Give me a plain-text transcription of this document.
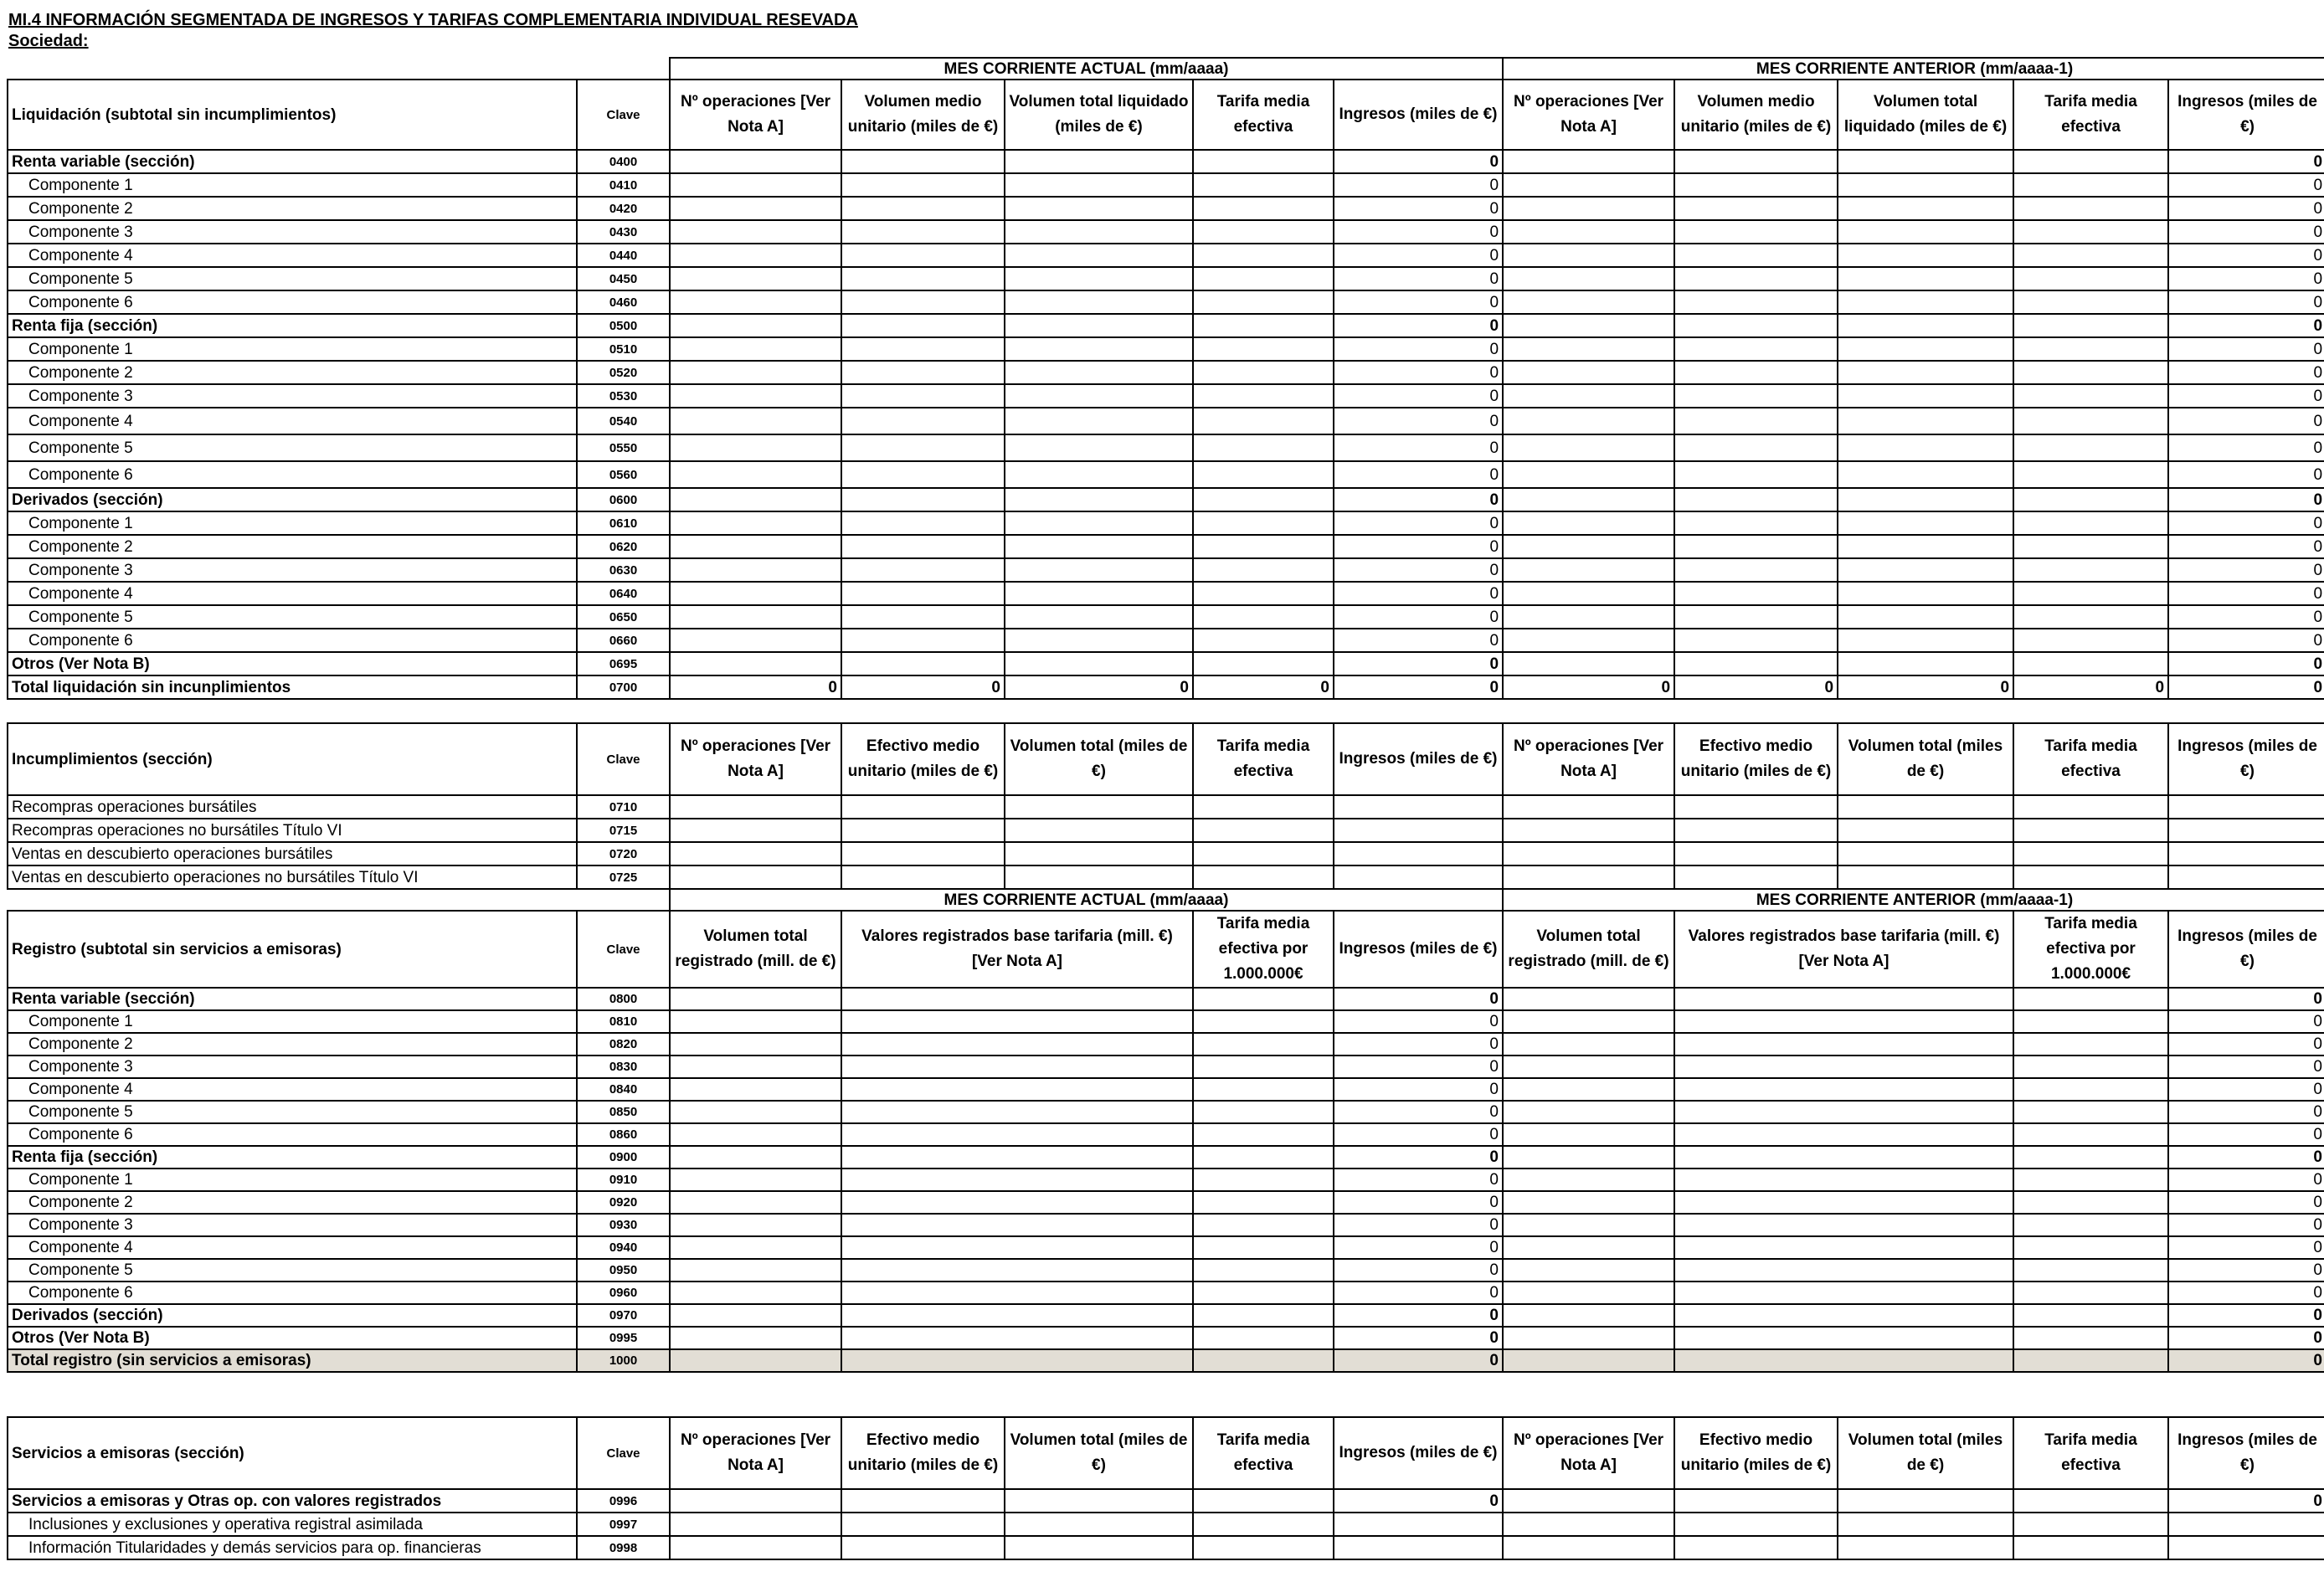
MI.4 INFORMACIÓN SEGMENTADA DE INGRESOS Y TARIFAS COMPLEMENTARIA INDIVIDUAL RESEVADA
Sociedad:
		MES CORRIENTE ACTUAL (mm/aaaa)					MES CORRIENTE ANTERIOR (mm/aaaa-1)				
Liquidación (subtotal sin incumplimientos)	Clave	Nº operaciones [Ver Nota A]	Volumen medio unitario (miles de €)	Volumen total liquidado (miles de €)	Tarifa media efectiva	Ingresos (miles de €)	Nº operaciones [Ver Nota A]	Volumen medio unitario (miles de €)	Volumen total liquidado (miles de €)	Tarifa media efectiva	Ingresos (miles de €)
Renta variable (sección)	0400					0					0
Componente 1	0410					0					0
Componente 2	0420					0					0
Componente 3	0430					0					0
Componente 4	0440					0					0
Componente 5	0450					0					0
Componente 6	0460					0					0
Renta fija (sección)	0500					0					0
Componente 1	0510					0					0
Componente 2	0520					0					0
Componente 3	0530					0					0
Componente 4	0540					0					0
Componente 5	0550					0					0
Componente 6	0560					0					0
Derivados (sección)	0600					0					0
Componente 1	0610					0					0
Componente 2	0620					0					0
Componente 3	0630					0					0
Componente 4	0640					0					0
Componente 5	0650					0					0
Componente 6	0660					0					0
Otros (Ver Nota B)	0695					0					0
Total liquidación sin incunplimientos	0700	0	0	0	0	0	0	0	0	0	0
Incumplimientos (sección)	Clave	Nº operaciones [Ver Nota A]	Efectivo medio unitario (miles de €)	Volumen total (miles de €)	Tarifa media efectiva	Ingresos (miles de €)	Nº operaciones [Ver Nota A]	Efectivo medio unitario (miles de €)	Volumen total (miles de €)	Tarifa media efectiva	Ingresos (miles de €)
Recompras operaciones bursátiles	0710										
Recompras operaciones no bursátiles Título VI	0715										
Ventas en descubierto operaciones bursátiles	0720										
Ventas en descubierto operaciones no bursátiles Título VI	0725										
		MES CORRIENTE ACTUAL (mm/aaaa)					MES CORRIENTE ANTERIOR (mm/aaaa-1)				
Registro (subtotal sin servicios a emisoras)	Clave	Volumen total registrado (mill. de €)	Valores registrados base tarifaria (mill. €) [Ver Nota A]		Tarifa media efectiva por 1.000.000€	Ingresos (miles de €)	Volumen total registrado (mill. de €)	Valores registrados base tarifaria (mill. €) [Ver Nota A]		Tarifa media efectiva por 1.000.000€	Ingresos (miles de €)
Renta variable (sección)	0800					0					0
Componente 1	0810					0					0
Componente 2	0820					0					0
Componente 3	0830					0					0
Componente 4	0840					0					0
Componente 5	0850					0					0
Componente 6	0860					0					0
Renta fija (sección)	0900					0					0
Componente 1	0910					0					0
Componente 2	0920					0					0
Componente 3	0930					0					0
Componente 4	0940					0					0
Componente 5	0950					0					0
Componente 6	0960					0					0
Derivados (sección)	0970					0					0
Otros (Ver Nota B)	0995					0					0
Total registro (sin servicios a emisoras)	1000					0					0
Servicios a emisoras (sección)	Clave	Nº operaciones [Ver Nota A]	Efectivo medio unitario (miles de €)	Volumen total (miles de €)	Tarifa media efectiva	Ingresos (miles de €)	Nº operaciones [Ver Nota A]	Efectivo medio unitario (miles de €)	Volumen total (miles de €)	Tarifa media efectiva	Ingresos (miles de €)
Servicios a emisoras y Otras op. con valores registrados	0996					0					0
Inclusiones y exclusiones y operativa registral asimilada	0997										
Información Titularidades y demás servicios para op. financieras	0998										
